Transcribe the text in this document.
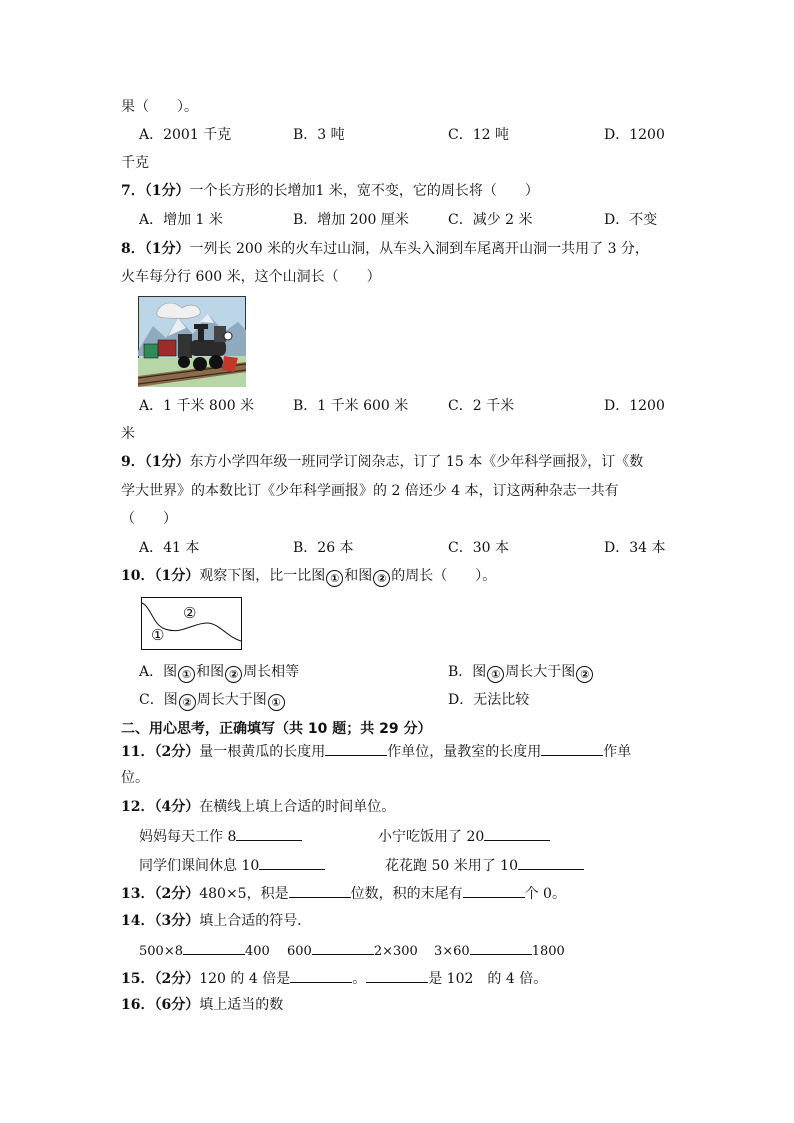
果（　　）。
A．2001 千克	B．3 吨	C．12 吨	D．1200
千克
7．（1分）一个长方形的长增加1 米，宽不变，它的周长将（　　）
A．增加 1 米	B．增加 200 厘米	C．减少 2 米	D．不变
8．（1分）一列长 200 米的火车过山洞，从车头入洞到车尾离开山洞一共用了 3 分，
火车每分行 600 米，这个山洞长（　　）
A．1 千米 800 米	B．1 千米 600 米	C．2 千米	D．1200
米
9．（1分）东方小学四年级一班同学订阅杂志，订了 15 本《少年科学画报》，订《数
学大世界》的本数比订《少年科学画报》的 2 倍还少 4 本，订这两种杂志一共有
（　　）
A．41 本	B．26 本	C．30 本	D．34 本
10．（1分）观察下图，比一比图 ① 和图 ② 的周长（　　）。
②
①
A．图 ① 和图 ② 周长相等	B．图 ① 周长大于图 ②
C．图 ② 周长大于图 ①	D．无法比较
二、用心思考，正确填写（共 10 题；共 29 分）
11．（2分）量一根黄瓜的长度用	作单位，量教室的长度用	作单
位。
12．（4分）在横线上填上合适的时间单位。
妈妈每天工作 8	小宁吃饭用了 20
同学们课间休息 10	花花跑 50 米用了 10
13．（2分）480×5，积是	位数，积的末尾有	个 0。
14．（3分）填上合适的符号．
500×8	400 600	2×300 3×60	1800
15．（2分）120 的 4 倍是	。	是 102　的 4 倍。
16．（6分）填上适当的数
